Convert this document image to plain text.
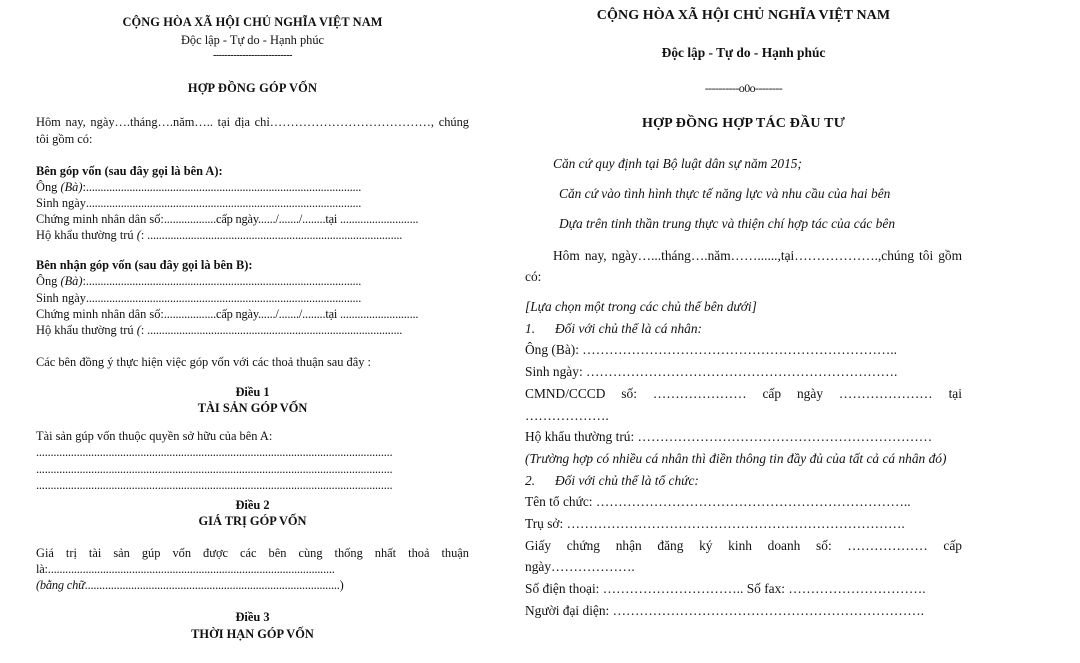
CỘNG HÒA XÃ HỘI CHỦ NGHĨA VIỆT NAM
Độc lập - Tự do - Hạnh phúc
---------------------------
HỢP ĐỒNG GÓP VỐN
Hôm nay, ngày….tháng….năm….. tại địa chỉ…………………………………, chúng tôi gồm có:
Bên góp vốn (sau đây gọi là bên A):
Ông (Bà):...............................................................................................
Sinh ngày...............................................................................................
Chứng minh nhân dân số:..................cấp ngày....../......./........tại ...........................
Hộ khẩu thường trú (: ........................................................................................
Bên nhận góp vốn (sau đây gọi là bên B):
Ông (Bà):...............................................................................................
Sinh ngày...............................................................................................
Chứng minh nhân dân số:..................cấp ngày....../......./........tại ...........................
Hộ khẩu thường trú (: ........................................................................................
Các bên đồng ý thực hiện việc góp vốn với các thoả thuận sau đây :
Điều 1
TÀI SẢN GÓP VỐN
Tài sản gúp vốn thuộc quyền sở hữu của bên A:
...........................................................................................................................
...........................................................................................................................
...........................................................................................................................
Điều 2
GIÁ TRỊ GÓP VỐN
Giá trị tài sản gúp vốn được các bên cùng thống nhất thoả thuận
là:...................................................................................................
(bằng chữ........................................................................................)
Điều 3
THỜI HẠN GÓP VỐN
CỘNG HÒA XÃ HỘI CHỦ NGHĨA VIỆT NAM
Độc lập - Tự do - Hạnh phúc
----------o0o--------
HỢP ĐỒNG HỢP TÁC ĐẦU TƯ
Căn cứ quy định tại Bộ luật dân sự năm 2015;
Căn cứ vào tình hình thực tế năng lực và nhu cầu của hai bên
Dựa trên tinh thần trung thực và thiện chí hợp tác của các bên
Hôm nay, ngày…...tháng….năm……......,tại……………….,chúng tôi gồm có:
[Lựa chọn một trong các chủ thể bên dưới]
1. Đối với chủ thể là cá nhân:
Ông (Bà): ……………………………………………………………..
Sinh ngày: …………………………………………………………….
CMND/CCCD số: ………………… cấp ngày ………………… tại
……………….
Hộ khẩu thường trú: …………………………………………………………
(Trường hợp có nhiều cá nhân thì điền thông tin đầy đủ của tất cả cá nhân đó)
2. Đối với chủ thể là tổ chức:
Tên tổ chức: ……………………………………………………………..
Trụ sở: ………………………………………………………………….
Giấy chứng nhận đăng ký kinh doanh số: ……………… cấp
ngày……………….
Số điện thoại: ………………………….. Số fax: ………………………….
Người đại diện: …………………………………………………………….
